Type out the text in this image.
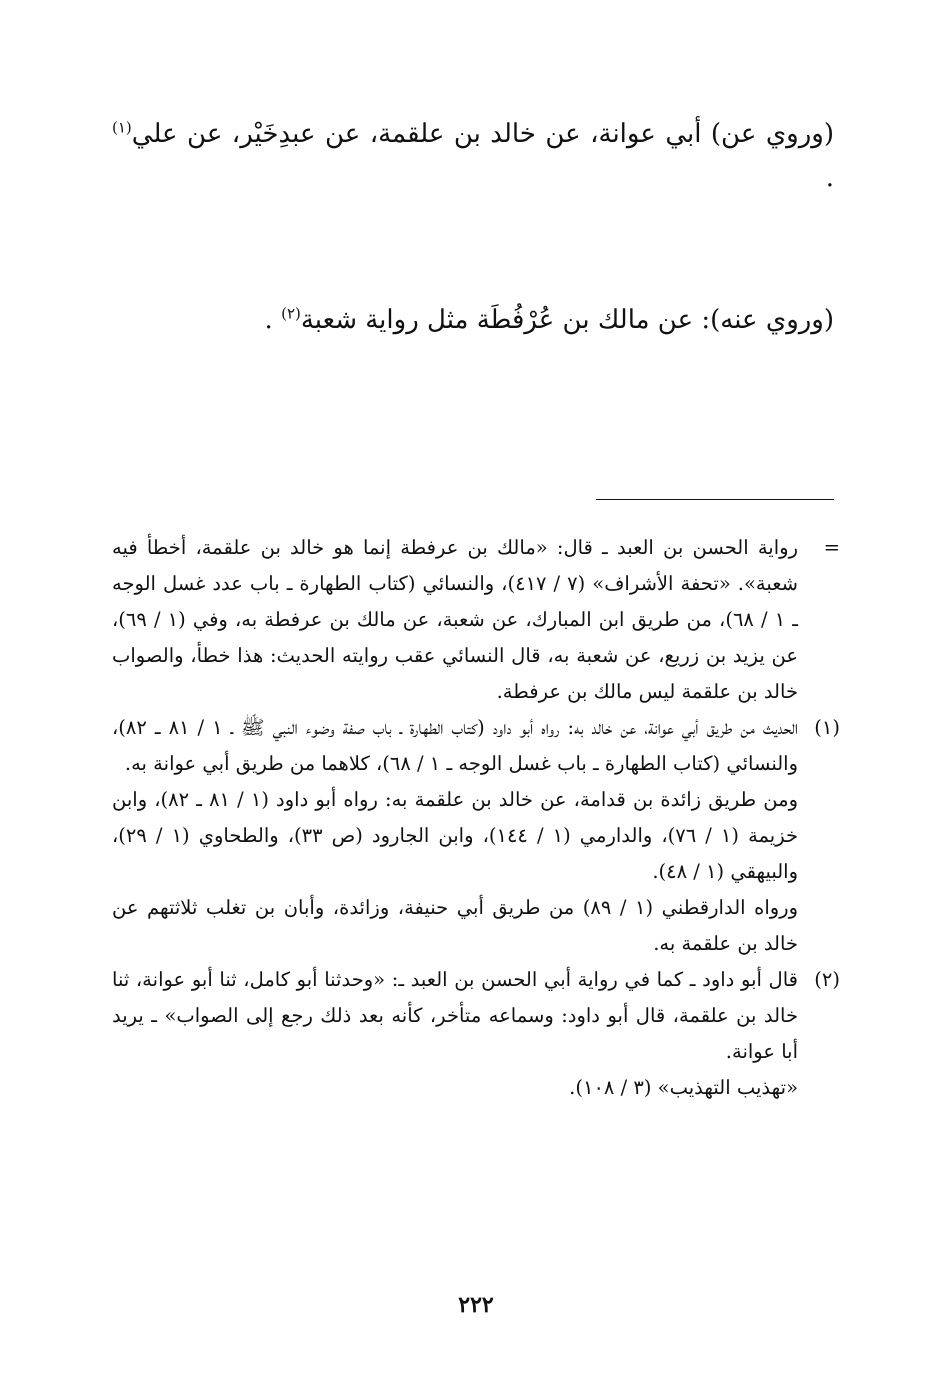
(وروي عن) أبي عوانة، عن خالد بن علقمة، عن عبدِخَيْر، عن علي$^{(١)}$ .
(وروي عنه): عن مالك بن عُرْفُطَة مثل رواية شعبة$^{(٢)}$ .
=
رواية الحسن بن العبد ـ قال: «مالك بن عرفطة إنما هو خالد بن علقمة، أخطأ فيه شعبة». «تحفة الأشراف» (٧ / ٤١٧)، والنسائي (كتاب الطهارة ـ باب عدد غسل الوجه ـ ١ / ٦٨)، من طريق ابن المبارك، عن شعبة، عن مالك بن عرفطة به، وفي (١ / ٦٩)، عن يزيد بن زريع، عن شعبة به، قال النسائي عقب روايته الحديث: هذا خطأ، والصواب خالد بن علقمة ليس مالك بن عرفطة.
(١)
الحديث من طريق أبي عوانة، عن خالد به: رواه أبو داود (كتاب الطهارة ـ باب صفة وضوء النبي ﷺ ـ ١ / ٨١ ـ ٨٢)، والنسائي (كتاب الطهارة ـ باب غسل الوجه ـ ١ / ٦٨)، كلاهما من طريق أبي عوانة به.
ومن طريق زائدة بن قدامة، عن خالد بن علقمة به: رواه أبو داود (١ / ٨١ ـ ٨٢)، وابن خزيمة (١ / ٧٦)، والدارمي (١ / ١٤٤)، وابن الجارود (ص ٣٣)، والطحاوي (١ / ٢٩)، والبيهقي (١ / ٤٨).
ورواه الدارقطني (١ / ٨٩) من طريق أبي حنيفة، وزائدة، وأبان بن تغلب ثلاثتهم عن خالد بن علقمة به.
(٢)
قال أبو داود ـ كما في رواية أبي الحسن بن العبد ـ: «وحدثنا أبو كامل، ثنا أبو عوانة، ثنا خالد بن علقمة، قال أبو داود: وسماعه متأخر، كأنه بعد ذلك رجع إلى الصواب» ـ يريد أبا عوانة.
«تهذيب التهذيب» (٣ / ١٠٨).
٢٢٢
